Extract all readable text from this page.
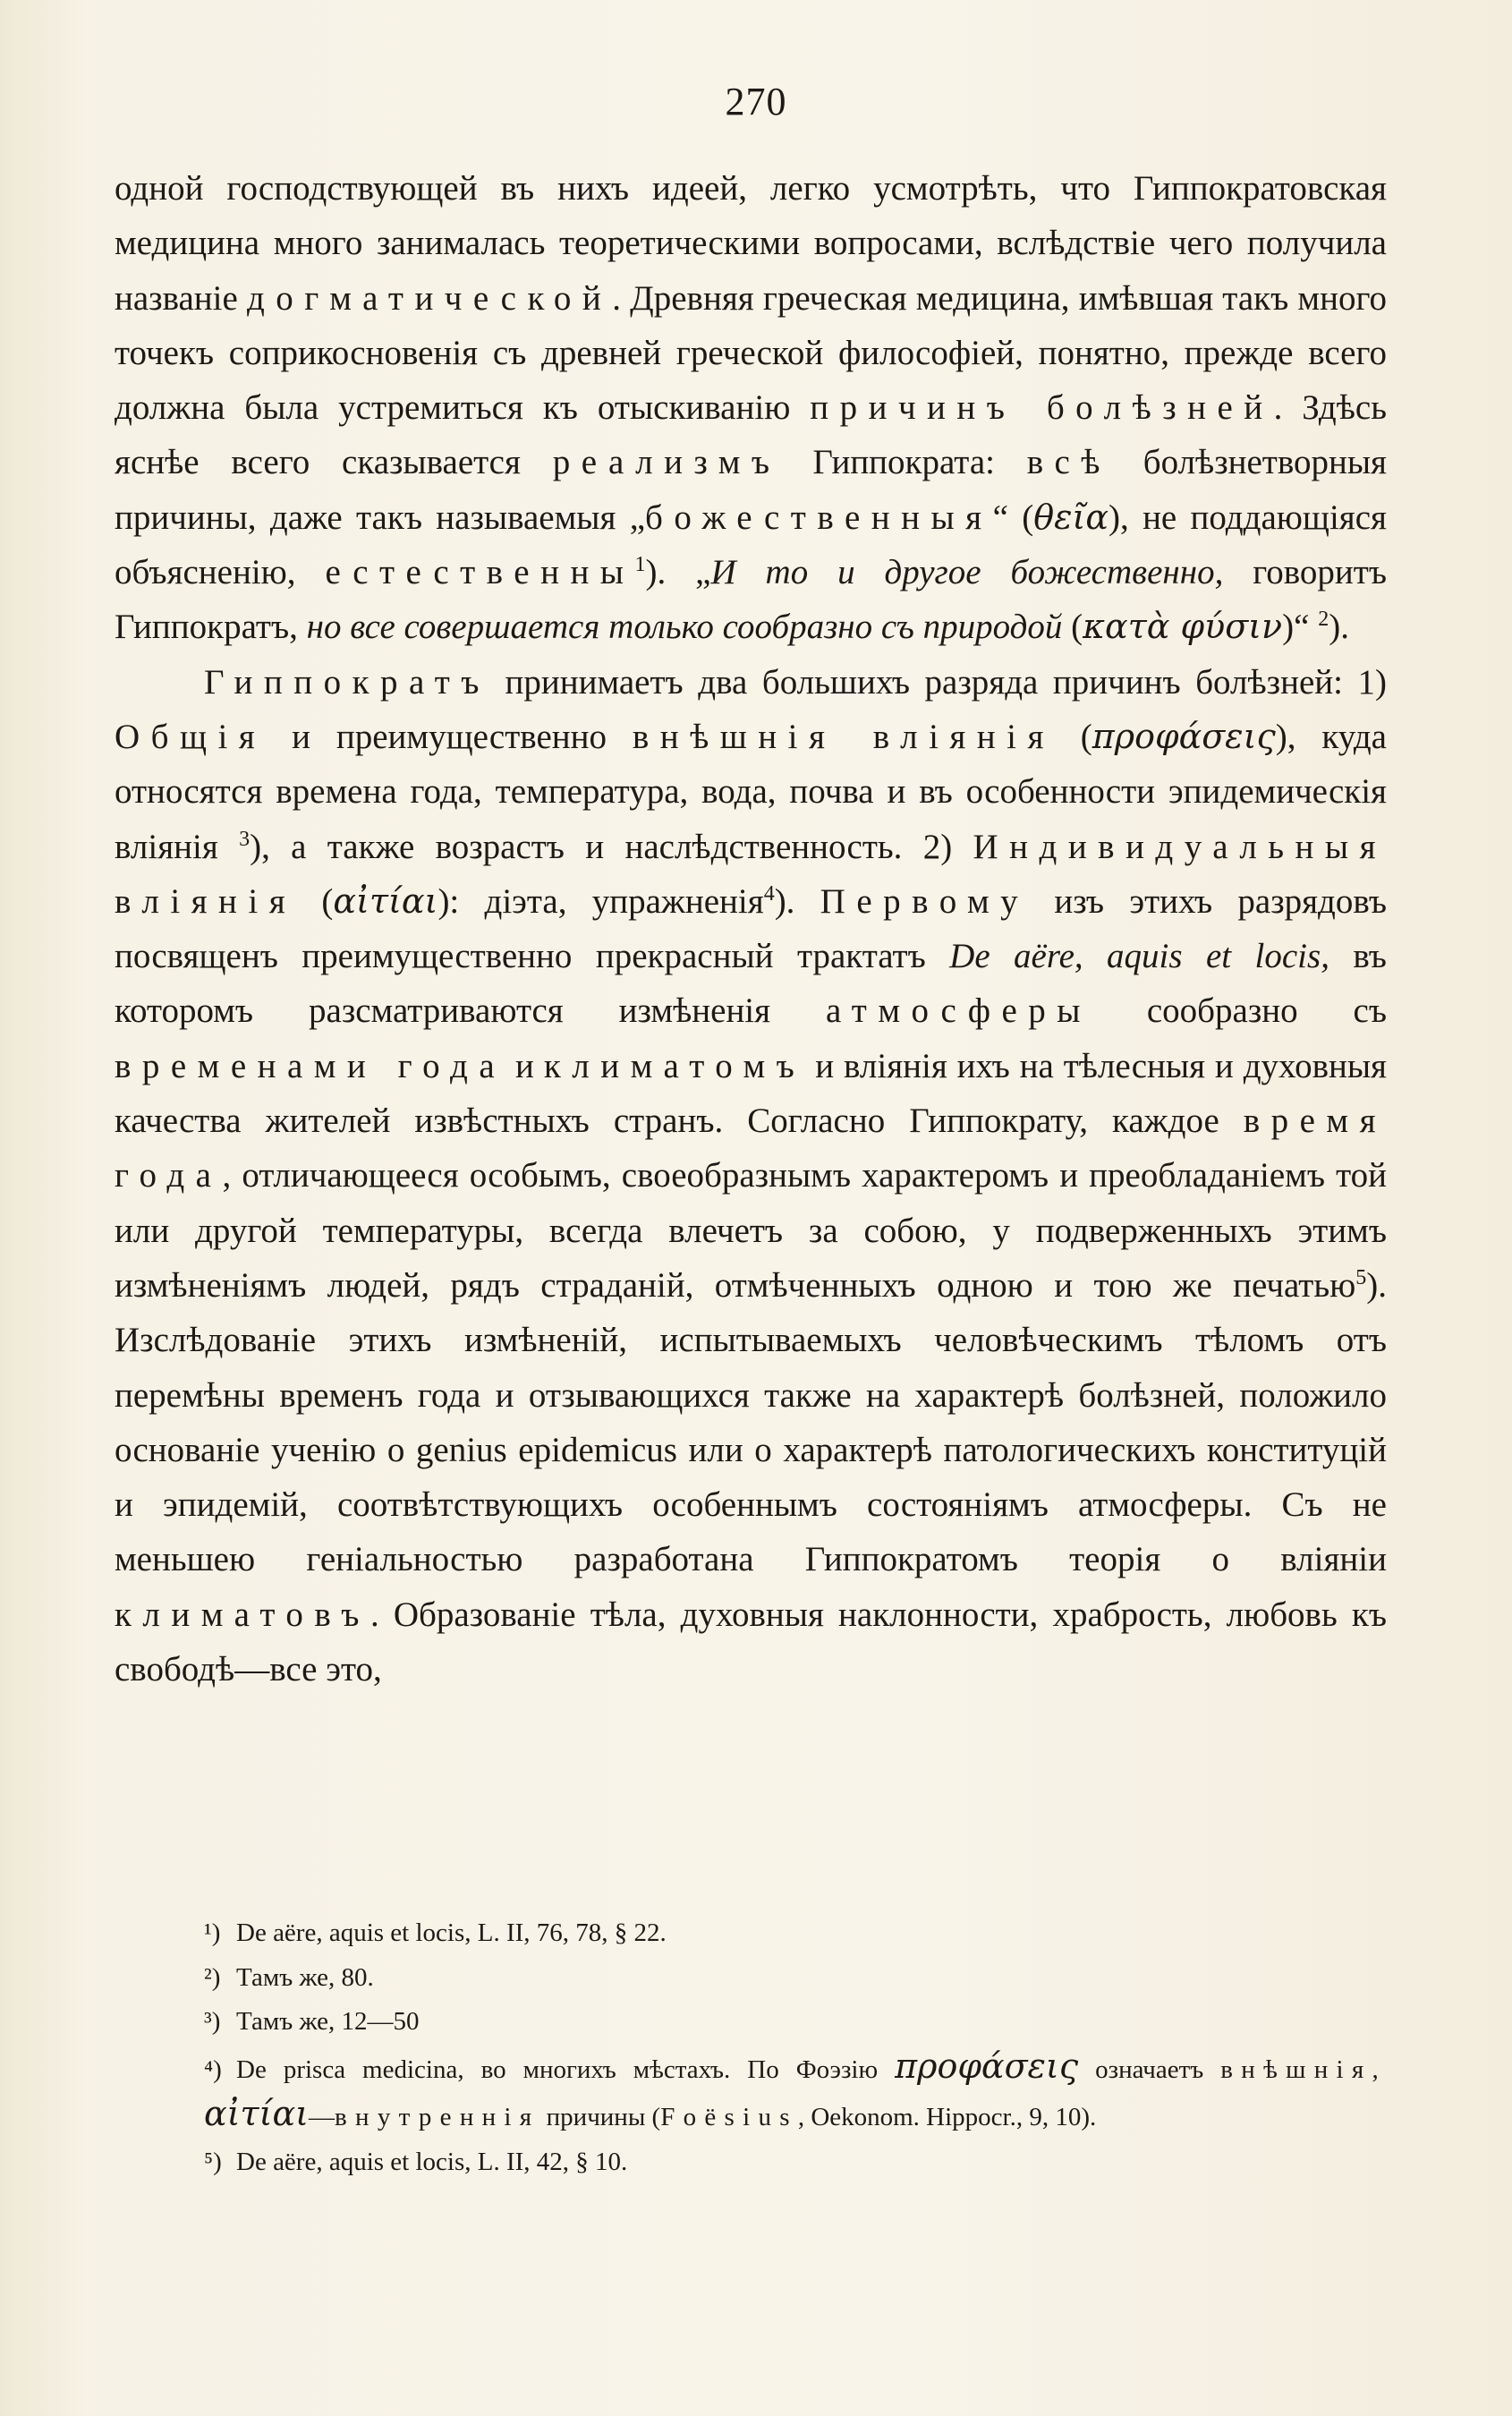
270

одной господствующей въ нихъ идеей, легко усмотрѣть, что Гиппократовская медицина много занималась теоретическими вопросами, вслѣдствіе чего получила названіе догматической. Древняя греческая медицина, имѣвшая такъ много точекъ соприкосновенія съ древней греческой философіей, понятно, прежде всего должна была устремиться къ отыскиванію причинъ болѣзней. Здѣсь яснѣе всего сказывается реализмъ Гиппократа: всѣ болѣзнетворныя причины, даже такъ называемыя „божественныя“ (θεῖα), не поддающіяся объясненію, естественны$^1$). „И то и другое божественно, говоритъ Гиппократъ, но все совершается только сообразно съ природой (κατὰ φύσιν)“ $^2$).

Гиппократъ принимаетъ два большихъ разряда причинъ болѣзней: 1) Общія и преимущественно внѣшнія вліянія (προφάσεις), куда относятся времена года, температура, вода, почва и въ особенности эпидемическія вліянія $^3$), а также возрастъ и наслѣдственность. 2) Индивидуальныя вліянія (αἰτίαι): діэта, упражненія$^4$). Первому изъ этихъ разрядовъ посвященъ преимущественно прекрасный трактатъ De aëre, aquis et locis, въ которомъ разсматриваются измѣненія атмосферы сообразно съ временами года и климатомъ и вліянія ихъ на тѣлесныя и духовныя качества жителей извѣстныхъ странъ. Согласно Гиппократу, каждое время года, отличающееся особымъ, своеобразнымъ характеромъ и преобладаніемъ той или другой температуры, всегда влечетъ за собою, у подверженныхъ этимъ измѣненіямъ людей, рядъ страданій, отмѣченныхъ одною и тою же печатью$^5$). Изслѣдованіе этихъ измѣненій, испытываемыхъ человѣческимъ тѣломъ отъ перемѣны временъ года и отзывающихся также на характерѣ болѣзней, положило основаніе ученію о genius epidemicus или о характерѣ патологическихъ конституцій и эпидемій, соотвѣтствующихъ особеннымъ состояніямъ атмосферы. Съ не меньшею геніальностью разработана Гиппократомъ теорія о вліяніи климатовъ. Образованіе тѣла, духовныя наклонности, храбрость, любовь къ свободѣ—все это,

¹) De aëre, aquis et locis, L. II, 76, 78, § 22.

²) Тамъ же, 80.

³) Тамъ же, 12—50

⁴) De prisca medicina, во многихъ мѣстахъ. По Фоэзію προφάσεις означаетъ внѣшнія, αἰτίαι—внутреннія причины (Foësius, Oekonom. Hippocr., 9, 10).

⁵) De aëre, aquis et locis, L. II, 42, § 10.
